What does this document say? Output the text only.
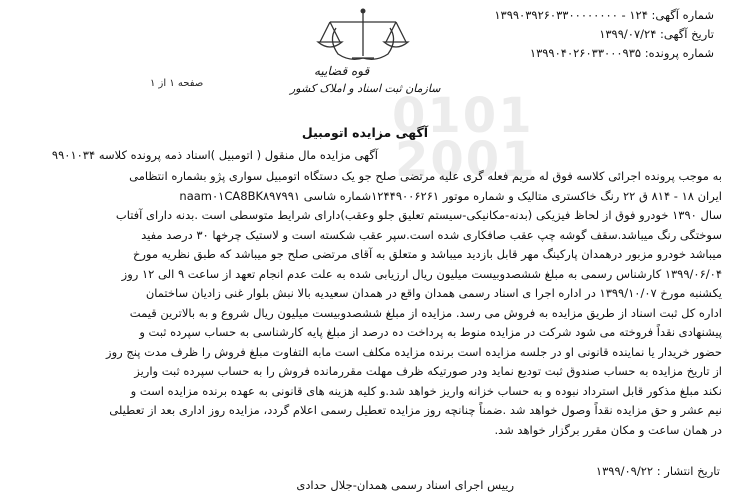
0101
2001
شماره آگهی: ۱۲۴ - ۱۳۹۹۰۳۹۲۶۰۳۳۰۰۰۰۰۰۰۰
تاریخ آگهی: ۱۳۹۹/۰۷/۲۴
شماره پرونده: ۱۳۹۹۰۴۰۲۶۰۳۳۰۰۰۹۳۵
قوه قضاییه
سازمان ثبت اسناد و املاک کشور
صفحه ۱ از ۱
آگهی مزایده اتومبیل
آگهی مزایده مال منقول ( اتومبیل )اسناد ذمه پرونده کلاسه ۹۹۰۱۰۳۴
به موجب پرونده اجرائی کلاسه فوق له مریم فعله گری علیه مرتضی صلح جو یک دستگاه اتومبیل سواری پژو بشماره انتظامی
ایران ۱۸ - ۸۱۴ ق ۲۲ رنگ خاکستری متالیک و شماره موتور ۱۲۴۴۹۰۰۶۲۶۱شماره شاسی naam۰۱CA8BK۸۹۷۹۹۱
سال ۱۳۹۰ خودرو فوق از لحاظ فیزیکی (بدنه-مکانیکی-سیستم تعلیق جلو وعقب)دارای شرایط متوسطی است .بدنه دارای آفتاب
سوختگی رنگ میباشد.سقف گوشه چپ عقب صافکاری شده است.سپر عقب شکسته است و لاستیک چرخها ۳۰ درصد مفید
میباشد خودرو مزبور درهمدان پارکینگ مهر قابل بازدید میباشد و متعلق به آقای مرتضی صلح جو میباشد که طبق نظریه مورخ
۱۳۹۹/۰۶/۰۴ کارشناس رسمی به مبلغ ششصدوبیست میلیون ریال ارزیابی شده به علت عدم انجام تعهد از ساعت ۹ الی ۱۲ روز
یکشنبه مورخ ۱۳۹۹/۱۰/۰۷ در اداره اجرا ی اسناد رسمی همدان واقع در همدان سعیدیه بالا نبش بلوار غنی زادیان ساختمان
اداره کل ثبت اسناد از طریق مزایده به فروش می رسد. مزایده از مبلغ ششصدوبیست میلیون ریال شروع و به بالاترین قیمت
پیشنهادی نقداً فروخته می شود شرکت در مزایده منوط به پرداخت ده درصد از مبلغ پایه کارشناسی به حساب سپرده ثبت و
حضور خریدار یا نماینده قانونی او در جلسه مزایده است برنده مزایده مکلف است مابه التفاوت مبلغ فروش را ظرف مدت پنج روز
از تاریخ مزایده به حساب صندوق ثبت تودیع نماید ودر صورتیکه ظرف مهلت مقررمانده فروش را به حساب سپرده ثبت واریز
نکند مبلغ مذکور قابل استرداد نبوده و به حساب خزانه واریز خواهد شد.و کلیه هزینه های قانونی به عهده برنده مزایده است و
نیم عشر و حق مزایده نقداً وصول خواهد شد .ضمناً چنانچه روز مزایده تعطیل رسمی اعلام گردد، مزایده روز اداری بعد از تعطیلی
در همان ساعت و مکان مقرر برگزار خواهد شد.
تاریخ انتشار : ۱۳۹۹/۰۹/۲۲
رییس اجرای اسناد رسمی همدان-جلال حدادی
